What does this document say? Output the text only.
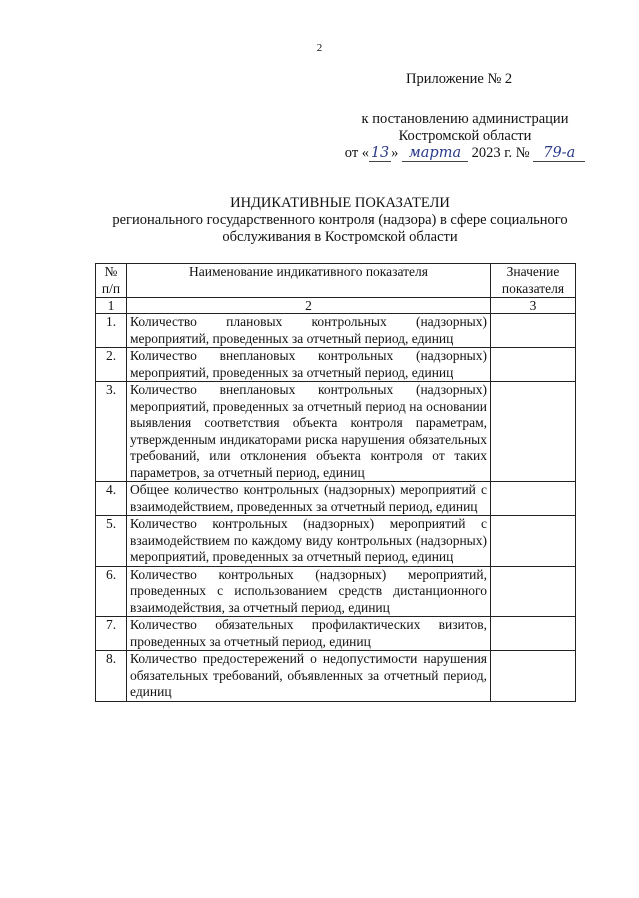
2
Приложение № 2
к постановлению администрации
Костромской области
от « 13 » марта 2023 г. № 79-а
ИНДИКАТИВНЫЕ ПОКАЗАТЕЛИ
регионального государственного контроля (надзора) в сфере социального обслуживания в Костромской области
№ п/п	Наименование индикативного показателя	Значение показателя
1	2	3
1.	Количество плановых контрольных (надзорных) мероприятий, проведенных за отчетный период, единиц	
2.	Количество внеплановых контрольных (надзорных) мероприятий, проведенных за отчетный период, единиц	
3.	Количество внеплановых контрольных (надзорных) мероприятий, проведенных за отчетный период на основании выявления соответствия объекта контроля параметрам, утвержденным индикаторами риска нарушения обязательных требований, или отклонения объекта контроля от таких параметров, за отчетный период, единиц	
4.	Общее количество контрольных (надзорных) мероприятий с взаимодействием, проведенных за отчетный период, единиц	
5.	Количество контрольных (надзорных) мероприятий с взаимодействием по каждому виду контрольных (надзорных) мероприятий, проведенных за отчетный период, единиц	
6.	Количество контрольных (надзорных) мероприятий, проведенных с использованием средств дистанционного взаимодействия, за отчетный период, единиц	
7.	Количество обязательных профилактических визитов, проведенных за отчетный период, единиц	
8.	Количество предостережений о недопустимости нарушения обязательных требований, объявленных за отчетный период, единиц	
